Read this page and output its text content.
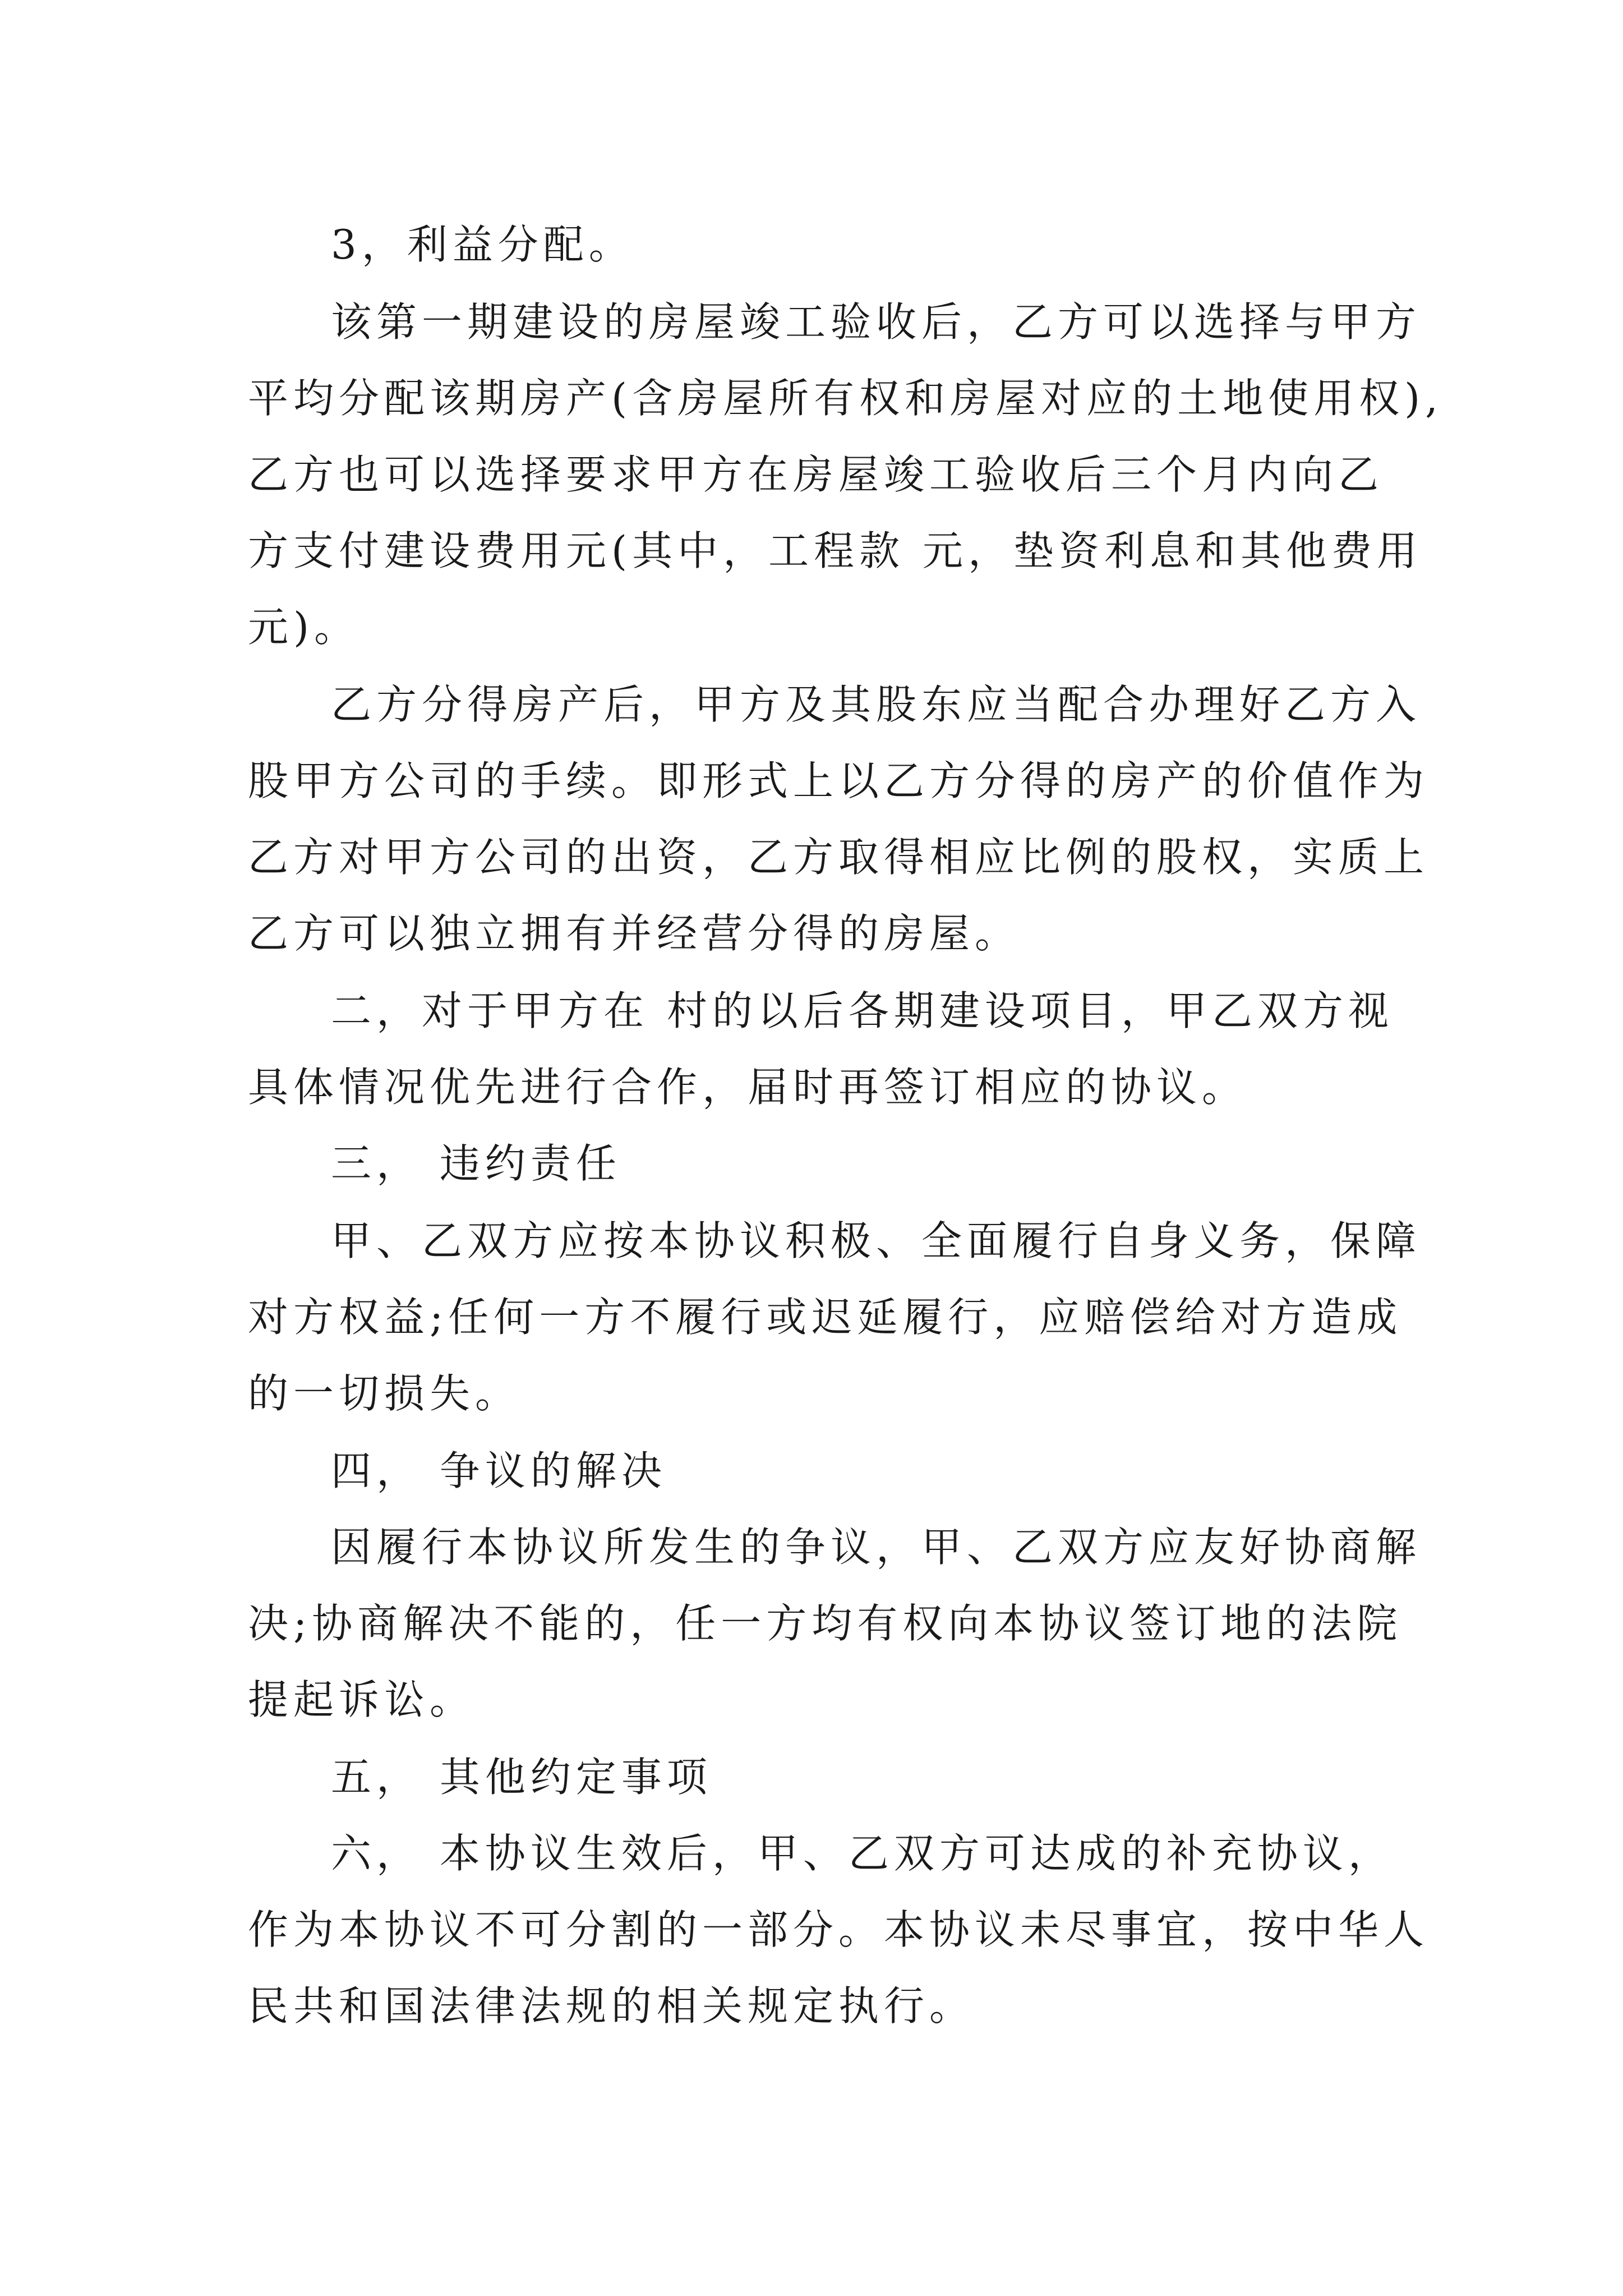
3，利益分配。
该第一期建设的房屋竣工验收后，乙方可以选择与甲方
平均分配该期房产(含房屋所有权和房屋对应的土地使用权),
乙方也可以选择要求甲方在房屋竣工验收后三个月内向乙
方支付建设费用元(其中，工程款 元，垫资利息和其他费用
元)。
乙方分得房产后，甲方及其股东应当配合办理好乙方入
股甲方公司的手续。即形式上以乙方分得的房产的价值作为
乙方对甲方公司的出资，乙方取得相应比例的股权，实质上
乙方可以独立拥有并经营分得的房屋。
二，对于甲方在 村的以后各期建设项目，甲乙双方视
具体情况优先进行合作，届时再签订相应的协议。
三， 违约责任
甲、乙双方应按本协议积极、全面履行自身义务，保障
对方权益;任何一方不履行或迟延履行，应赔偿给对方造成
的一切损失。
四， 争议的解决
因履行本协议所发生的争议，甲、乙双方应友好协商解
决;协商解决不能的，任一方均有权向本协议签订地的法院
提起诉讼。
五， 其他约定事项
六， 本协议生效后，甲、乙双方可达成的补充协议，
作为本协议不可分割的一部分。本协议未尽事宜，按中华人
民共和国法律法规的相关规定执行。
